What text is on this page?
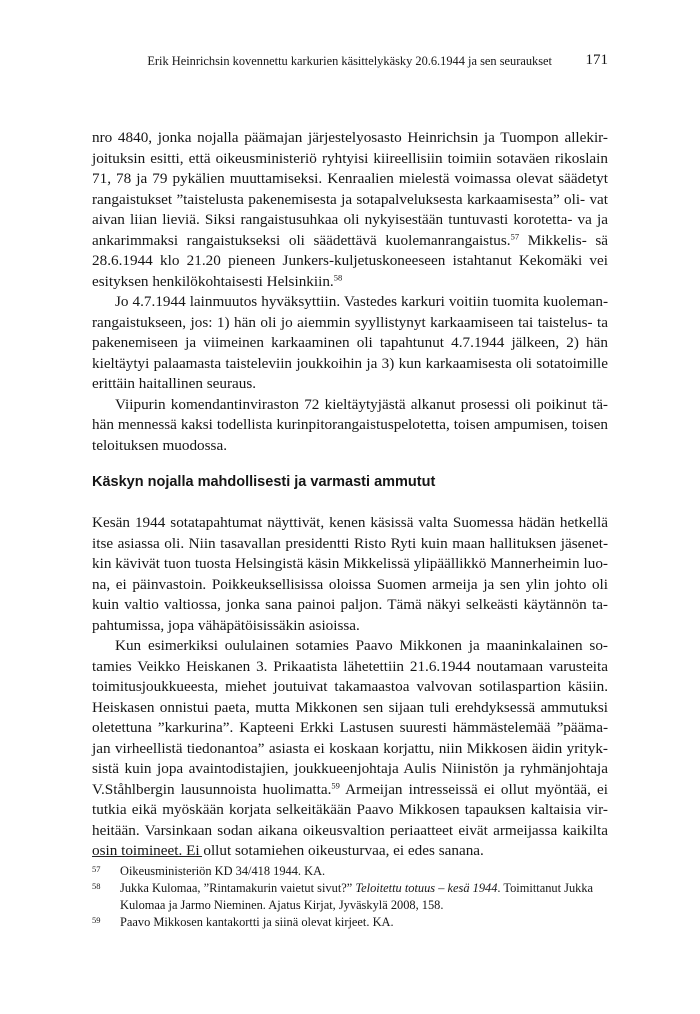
Erik Heinrichsin kovennettu karkurien käsittelykäsky 20.6.1944 ja sen seuraukset 171

nro 4840, jonka nojalla päämajan järjestelyosasto Heinrichsin ja Tuompon allekir- joituksin esitti, että oikeusministeriö ryhtyisi kiireellisiin toimiin sotaväen rikoslain 71, 78 ja 79 pykälien muuttamiseksi. Kenraalien mielestä voimassa olevat säädetyt rangaistukset ”taistelusta pakenemisesta ja sotapalveluksesta karkaamisesta” oli- vat aivan liian lieviä. Siksi rangaistusuhkaa oli nykyisestään tuntuvasti korotetta- va ja ankarimmaksi rangaistukseksi oli säädettävä kuolemanrangaistus.$^{57}$ Mikkelis- sä 28.6.1944 klo 21.20 pieneen Junkers-kuljetuskoneeseen istahtanut Kekomäki vei esityksen henkilökohtaisesti Helsinkiin.$^{58}$

Jo 4.7.1944 lainmuutos hyväksyttiin. Vastedes karkuri voitiin tuomita kuoleman- rangaistukseen, jos: 1) hän oli jo aiemmin syyllistynyt karkaamiseen tai taistelus- ta pakenemiseen ja viimeinen karkaaminen oli tapahtunut 4.7.1944 jälkeen, 2) hän kieltäytyi palaamasta taisteleviin joukkoihin ja 3) kun karkaamisesta oli sotatoimille erittäin haitallinen seuraus.

Viipurin komendantinviraston 72 kieltäytyjästä alkanut prosessi oli poikinut tä- hän mennessä kaksi todellista kurinpitorangaistuspelotetta, toisen ampumisen, toisen teloituksen muodossa.

Käskyn nojalla mahdollisesti ja varmasti ammutut

Kesän 1944 sotatapahtumat näyttivät, kenen käsissä valta Suomessa hädän hetkellä itse asiassa oli. Niin tasavallan presidentti Risto Ryti kuin maan hallituksen jäsenet- kin kävivät tuon tuosta Helsingistä käsin Mikkelissä ylipäällikkö Mannerheimin luo- na, ei päinvastoin. Poikkeuksellisissa oloissa Suomen armeija ja sen ylin johto oli kuin valtio valtiossa, jonka sana painoi paljon. Tämä näkyi selkeästi käytännön ta- pahtumissa, jopa vähäpätöisissäkin asioissa.

Kun esimerkiksi oululainen sotamies Paavo Mikkonen ja maaninkalainen so- tamies Veikko Heiskanen 3. Prikaatista lähetettiin 21.6.1944 noutamaan varusteita toimitusjoukkueesta, miehet joutuivat takamaastoa valvovan sotilaspartion käsiin. Heiskasen onnistui paeta, mutta Mikkonen sen sijaan tuli erehdyksessä ammutuksi oletettuna ”karkurina”. Kapteeni Erkki Lastusen suuresti hämmästelemää ”päämа- jan virheellistä tiedonantoa” asiasta ei koskaan korjattu, niin Mikkosen äidin yrityk- sistä kuin jopa avaintodistajien, joukkueenjohtaja Aulis Niinistön ja ryhmänjohtaja V.Ståhlbergin lausunnoista huolimatta.$^{59}$ Armeijan intresseissä ei ollut myöntää, ei tutkia eikä myöskään korjata selkeitäkään Paavo Mikkosen tapauksen kaltaisia vir- heitään. Varsinkaan sodan aikana oikeusvaltion periaatteet eivät armeijassa kaikilta osin toimineet. Ei ollut sotamiehen oikeusturvaa, ei edes sanana.

57 Oikeusministeriön KD 34/418 1944. KA.
58 Jukka Kulomaa, ”Rintamakurin vaietut sivut?” Teloitettu totuus – kesä 1944. Toimittanut Jukka Kulomaa ja Jarmo Nieminen. Ajatus Kirjat, Jyväskylä 2008, 158.
59 Paavo Mikkosen kantakortti ja siinä olevat kirjeet. KA.
